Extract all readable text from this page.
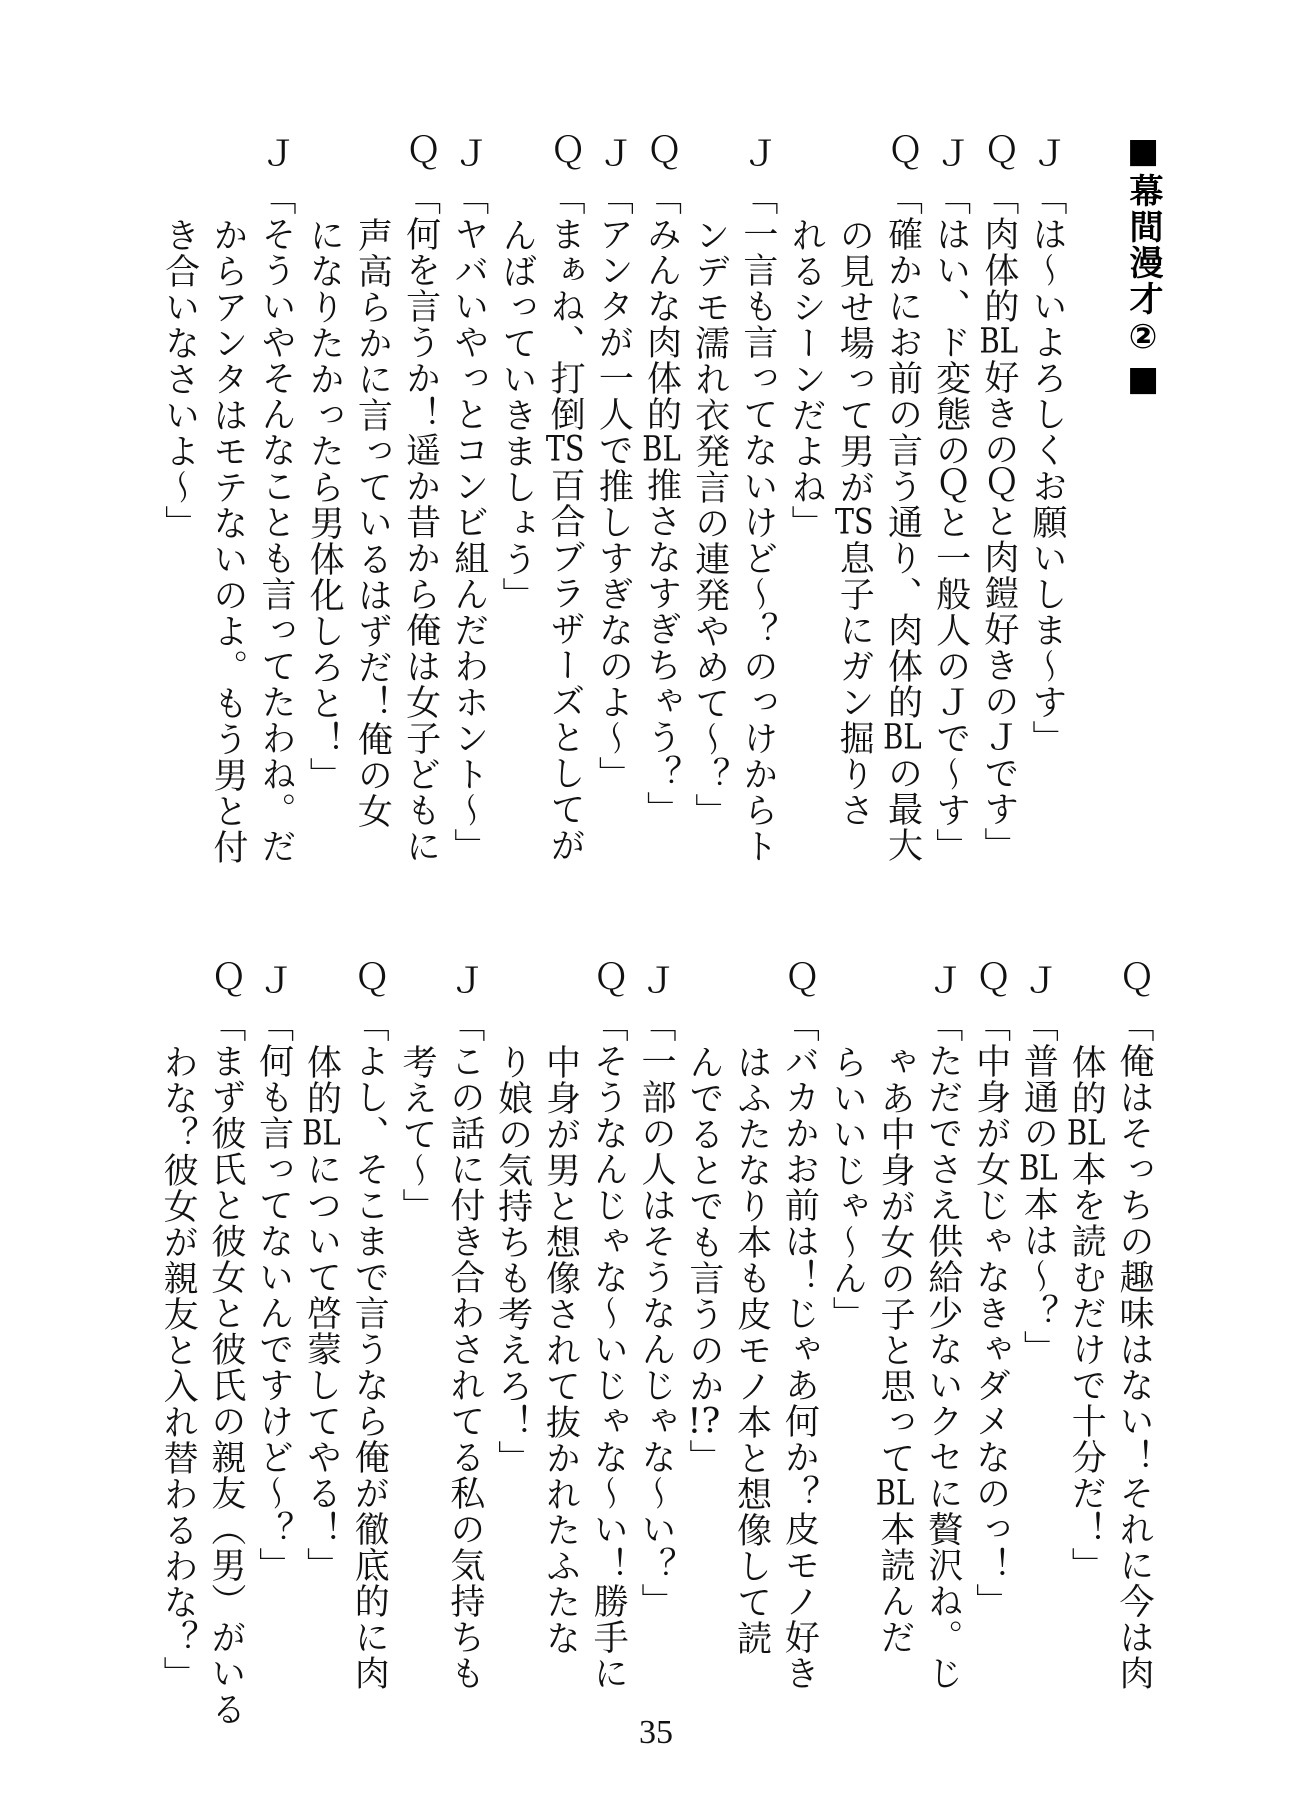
■幕間漫才②■
Ｊ「は〜いよろしくお願いしま〜す」
Ｑ「肉体的BL好きのＱと肉鎧好きのＪです」
Ｊ「はい、ド変態のＱと一般人のＪで〜す」
Ｑ「確かにお前の言う通り、肉体的BLの最大
の見せ場って男がTS息子にガン掘りさ
れるシーンだよね」
Ｊ「一言も言ってないけど〜？のっけからト
ンデモ濡れ衣発言の連発やめて〜？」
Ｑ「みんな肉体的BL推さなすぎちゃう？」
Ｊ「アンタが一人で推しすぎなのよ〜」
Ｑ「まぁね、打倒TS百合ブラザーズとしてが
んばっていきましょう」
Ｊ「ヤバいやっとコンビ組んだわホント〜」
Ｑ「何を言うか！遥か昔から俺は女子どもに
声高らかに言っているはずだ！俺の女
になりたかったら男体化しろと！」
Ｊ「そういやそんなことも言ってたわね。だ
からアンタはモテないのよ。もう男と付
き合いなさいよ〜」
Ｑ「俺はそっちの趣味はない！それに今は肉
体的BL本を読むだけで十分だ！」
Ｊ「普通のBL本は〜？」
Ｑ「中身が女じゃなきゃダメなのっ！」
Ｊ「ただでさえ供給少ないクセに贅沢ね。じ
ゃあ中身が女の子と思ってBL本読んだ
らいいじゃ〜ん」
Ｑ「バカかお前は！じゃあ何か？皮モノ好き
はふたなり本も皮モノ本と想像して読
んでるとでも言うのか!?」
Ｊ「一部の人はそうなんじゃな〜い？」
Ｑ「そうなんじゃな〜いじゃな〜い！勝手に
中身が男と想像されて抜かれたふたな
り娘の気持ちも考えろ！」
Ｊ「この話に付き合わされてる私の気持ちも
考えて〜」
Ｑ「よし、そこまで言うなら俺が徹底的に肉
体的BLについて啓蒙してやる！」
Ｊ「何も言ってないんですけど〜？」
Ｑ「まず彼氏と彼女と彼氏の親友（男）がいる
わな？彼女が親友と入れ替わるわな？」
35
